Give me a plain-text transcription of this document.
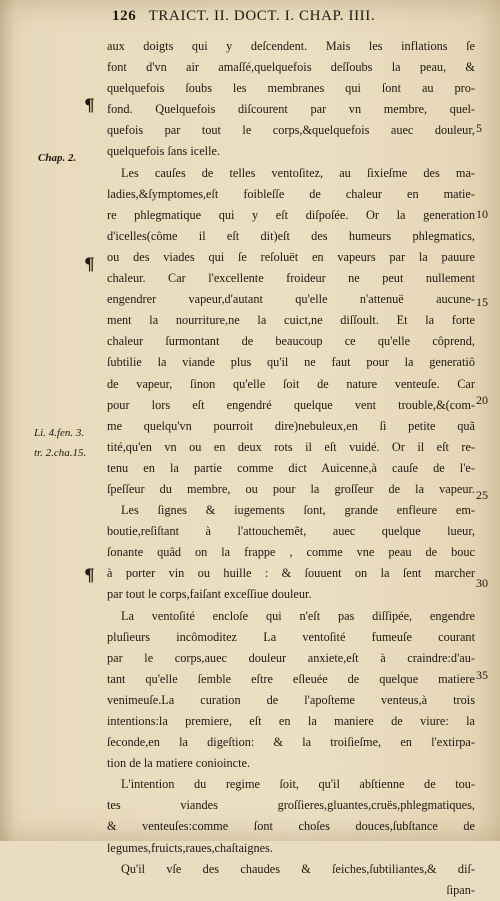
126 TRAICT. II. DOCT. I. CHAP. IIII.
¶
¶
¶
Chap. 2.
Li. 4.fen. 3.
tr. 2.cha.15.
5
10
15
20
25
30
35
aux doigts qui y deſcendent. Mais les inflations ſe
font d'vn air amaſſé,quelquefois deſſoubs la peau, &
quelquefois ſoubs les membranes qui ſont au pro-
fond. Quelquefois diſcourent par vn membre, quel-
quefois par tout le corps,&quelquefois auec douleur,
quelquefois ſans icelle.
Les cauſes de telles ventoſitez, au ſixieſme des ma-
ladies,&ſymptomes,eſt foibleſſe de chaleur en matie-
re phlegmatique qui y eſt diſpoſée. Or la generation
d'icelles(côme il eſt dit)eſt des humeurs phlegmatics,
ou des viades qui ſe reſoluët en vapeurs par la pauure
chaleur. Car l'excellente froideur ne peut nullement
engendrer vapeur,d'autant qu'elle n'attenuë aucune-
ment la nourriture,ne la cuict,ne diſſoult. Et la forte
chaleur ſurmontant de beaucoup ce qu'elle côprend,
ſubtilie la viande plus qu'il ne faut pour la generatiô
de vapeur, ſinon qu'elle ſoit de nature venteuſe. Car
pour lors eſt engendré quelque vent trouble,&(com-
me quelqu'vn pourroit dire)nebuleux,en ſi petite quã
tité,qu'en vn ou en deux rots il eſt vuidé. Or il eſt re-
tenu en la partie comme dict Auicenne,à cauſe de l'e-
ſpeſſeur du membre, ou pour la groſſeur de la vapeur.
Les ſignes & iugements ſont, grande enfleure em-
boutie,reſiſtant à l'attouchemẽt, auec quelque lueur,
ſonante quâd on la frappe , comme vne peau de bouc
à porter vin ou huille : & ſouuent on la ſent marcher
par tout le corps,faiſant exceſſiue douleur.
La ventoſité encloſe qui n'eſt pas diſſipée, engendre
pluſieurs incômoditez La ventoſité fumeuſe courant
par le corps,auec douleur anxiete,eſt à craindre:d'au-
tant qu'elle ſemble eſtre eſleuée de quelque matiere
venimeuſe.La curation de l'apoſteme venteus,à trois
intentions:la premiere, eſt en la maniere de viure: la
ſeconde,en la digeſtion: & la troiſieſme, en l'extirpa-
tion de la matiere conioincte.
L'intention du regime ſoit, qu'il abſtienne de tou-
tes viandes groſſieres,gluantes,cruës,phlegmatiques,
& venteuſes:comme ſont choſes douces,ſubſtance de
legumes,fruicts,raues,chaſtaignes.
Qu'il vſe des chaudes & ſeiches,ſubtiliantes,& diſ-
ſipan-
